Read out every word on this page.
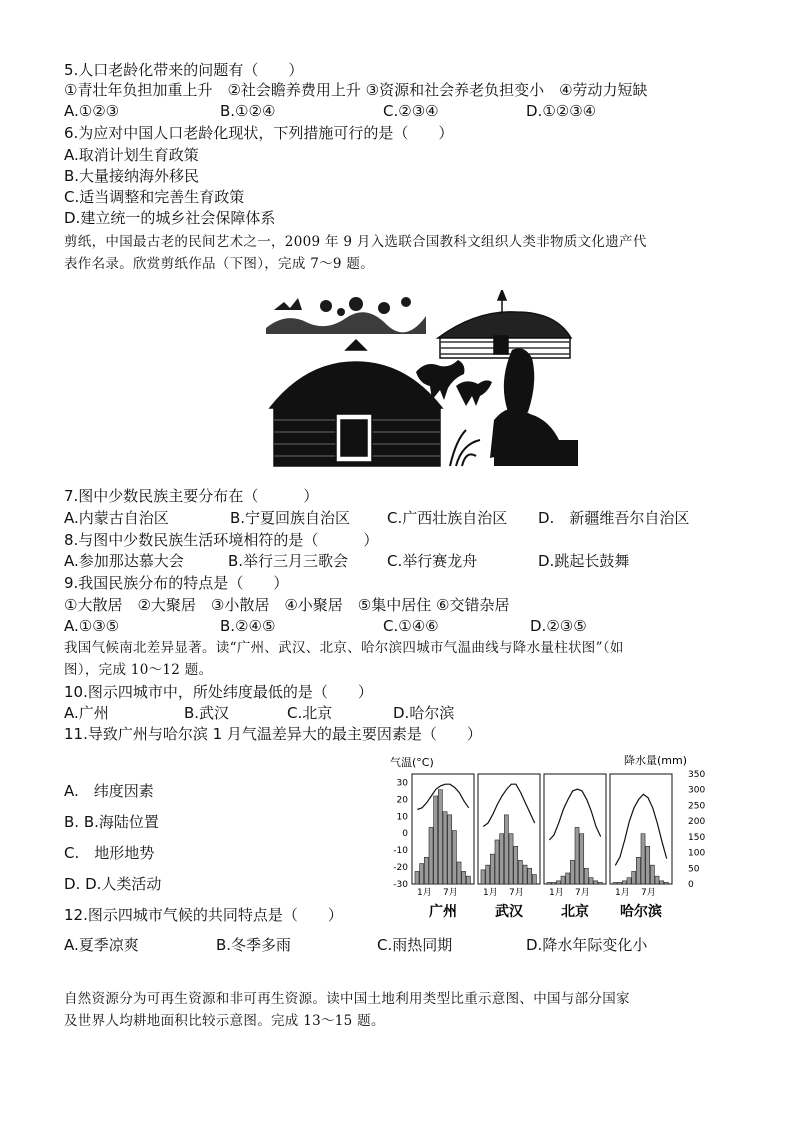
5.人口老龄化带来的问题有（　　）
①青壮年负担加重上升　②社会瞻养费用上升 ③资源和社会养老负担变小　④劳动力短缺
A.①②③	B.①②④	C.②③④	D.①②③④
6.为应对中国人口老龄化现状，下列措施可行的是（　　）
A.取消计划生育政策
B.大量接纳海外移民
C.适当调整和完善生育政策
D.建立统一的城乡社会保障体系
剪纸，中国最古老的民间艺术之一，2009 年 9 月入选联合国教科文组织人类非物质文化遗产代
表作名录。欣赏剪纸作品（下图），完成 7～9 题。
7.图中少数民族主要分布在（　　　）
A.内蒙古自治区	B.宁夏回族自治区 C.广西壮族自治区 D.　新疆维吾尔自治区
8.与图中少数民族生活环境相符的是（　　　）
A.参加那达慕大会	B.举行三月三歌会	C.举行赛龙舟	D.跳起长鼓舞
9.我国民族分布的特点是（　　）
①大散居　②大聚居　③小散居　④小聚居　⑤集中居住 ⑥交错杂居
A.①③⑤	B.②④⑤	C.①④⑥	D.②③⑤
我国气候南北差异显著。读“广州、武汉、北京、哈尔滨四城市气温曲线与降水量柱状图”（如
图），完成 10～12 题。
10.图示四城市中，所处纬度最低的是（　　）
A.广州	B.武汉	C.北京	D.哈尔滨
11.导致广州与哈尔滨 1 月气温差异大的最主要因素是（　　）
A.　纬度因素
B. B.海陆位置
C.　地形地势
D. D.人类活动
气温(°C)	降水量(mm)
30
20
10
0
-10
-20
-30
350
300
250
200
150
100
50
0
1月 7月
广州
1月 7月
武汉
1月 7月
北京
1月 7月
哈尔滨
12.图示四城市气候的共同特点是（　　）
A.夏季凉爽	B.冬季多雨	C.雨热同期	D.降水年际变化小
自然资源分为可再生资源和非可再生资源。读中国土地利用类型比重示意图、中国与部分国家
及世界人均耕地面积比较示意图。完成 13～15 题。
